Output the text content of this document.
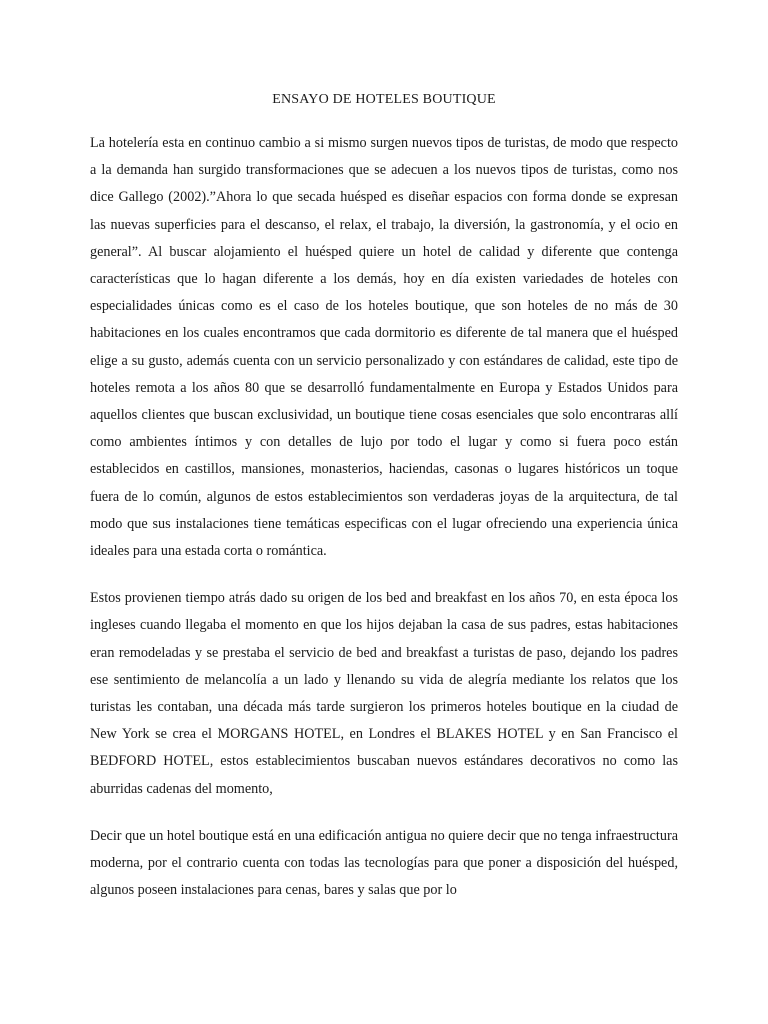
ENSAYO DE HOTELES BOUTIQUE

La hotelería esta en continuo cambio a si mismo surgen nuevos tipos de turistas, de modo que respecto a la demanda han surgido transformaciones que se adecuen a los nuevos tipos de turistas, como nos dice Gallego (2002).”Ahora lo que secada huésped es diseñar espacios con forma donde se expresan las nuevas superficies para el descanso, el relax, el trabajo, la diversión, la gastronomía, y el ocio en general”. Al buscar alojamiento el huésped quiere un hotel de calidad y diferente que contenga características que lo hagan diferente a los demás, hoy en día existen variedades de hoteles con especialidades únicas como es el caso de los hoteles boutique, que son hoteles de no más de 30 habitaciones en los cuales encontramos que cada dormitorio es diferente de tal manera que el huésped elige a su gusto, además cuenta con un servicio personalizado y con estándares de calidad, este tipo de hoteles remota a los años 80 que se desarrolló fundamentalmente en Europa y Estados Unidos para aquellos clientes que buscan exclusividad, un boutique tiene cosas esenciales que solo encontraras allí como ambientes íntimos y con detalles de lujo por todo el lugar y como si fuera poco están establecidos en castillos, mansiones, monasterios, haciendas, casonas o lugares históricos un toque fuera de lo común, algunos de estos establecimientos son verdaderas joyas de la arquitectura, de tal modo que sus instalaciones tiene temáticas especificas con el lugar ofreciendo una experiencia única ideales para una estada corta o romántica.

Estos provienen tiempo atrás dado su origen de los bed and breakfast en los años 70, en esta época los ingleses cuando llegaba el momento en que los hijos dejaban la casa de sus padres, estas habitaciones eran remodeladas y se prestaba el servicio de bed and breakfast a turistas de paso, dejando los padres ese sentimiento de melancolía a un lado y llenando su vida de alegría mediante los relatos que los turistas les contaban, una década más tarde surgieron los primeros hoteles boutique en la ciudad de New York se crea el MORGANS HOTEL, en Londres el BLAKES HOTEL y en San Francisco el BEDFORD HOTEL, estos establecimientos buscaban nuevos estándares decorativos no como las aburridas cadenas del momento,

Decir que un hotel boutique está en una edificación antigua no quiere decir que no tenga infraestructura moderna, por el contrario cuenta con todas las tecnologías para que poner a disposición del huésped, algunos poseen instalaciones para cenas, bares y salas que por lo
